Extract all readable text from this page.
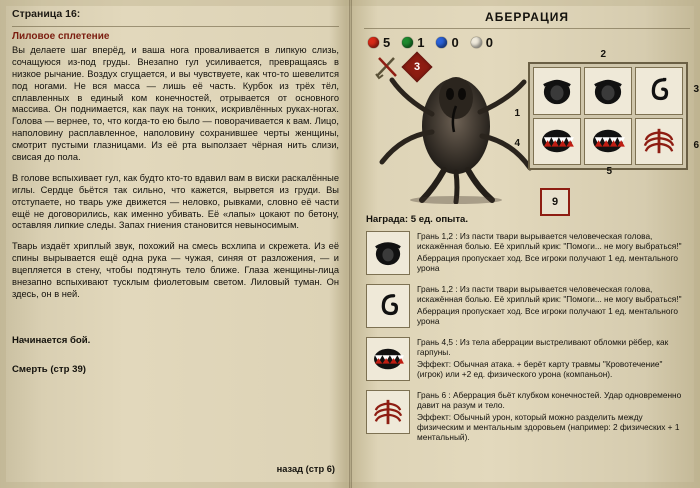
Страница 16:
Лиловое сплетение

Вы делаете шаг вперёд, и ваша нога проваливается в липкую слизь, сочащуюся из-под груды. Внезапно гул усиливается, превращаясь в низкое рычание. Воздух сгущается, и вы чувствуете, как что-то шевелится под ногами. Не вся масса — лишь её часть. Курбок из трёх тёл, сплавленных в единый ком конечностей, отрывается от основного массива. Он поднимается, как паук на тонких, искривлённых руках-ногах. Голова — вернее, то, что когда-то ею было — поворачивается к вам. Лицо, наполовину расплавленное, наполовину сохранившее черты женщины, смотрит пустыми глазницами. Из её рта выползает чёрная нить слизи, свисая до пола.

В голове вспыхивает гул, как будто кто-то вдавил вам в виски раскалённые иглы. Сердце бьётся так сильно, что кажется, вырвется из груди. Вы отступаете, но тварь уже движется — неловко, рывками, словно её части ещё не договорились, как именно убивать. Её «лапы» цокают по бетону, оставляя липкие следы. Запах гниения становится невыносимым.

Тварь издаёт хриплый звук, похожий на смесь всхлипа и скрежета. Из её спины вырывается ещё одна рука — чужая, синяя от разложения, — и вцепляется в стену, чтобы подтянуть тело ближе. Глаза женщины-лица внезапно вспыхивают тусклым фиолетовым светом. Лиловый туман. Он здесь, он в ней.

Начинается бой.
Смерть (стр 39)
назад (стр 6)
АБЕРРАЦИЯ
5 1 0 0
1
2
3
4
5
6
3
9
Награда: 5 ед. опыта.
Грань 1,2 : Из пасти твари вырывается человеческая голова, искажённая болью. Её хриплый крик: "Помоги... не могу выбраться!"
Аберрация пропускает ход. Все игроки получают 1 ед. ментального урона
Грань 1,2 : Из пасти твари вырывается человеческая голова, искажённая болью. Её хриплый крик: "Помоги... не могу выбраться!"
Аберрация пропускает ход. Все игроки получают 1 ед. ментального урона
Грань 4,5 : Из тела аберрации выстреливают обломки рёбер, как гарпуны.
Эффект: Обычная атака. + берёт карту травмы "Кровотечение" (игрок) или +2 ед. физического урона (компаньон).
Грань 6 : Аберрация бьёт клубком конечностей. Удар одновременно давит на разум и тело.
Эффект: Обычный урон, который можно разделить между физическим и ментальным здоровьем (например: 2 физических + 1 ментальный).
